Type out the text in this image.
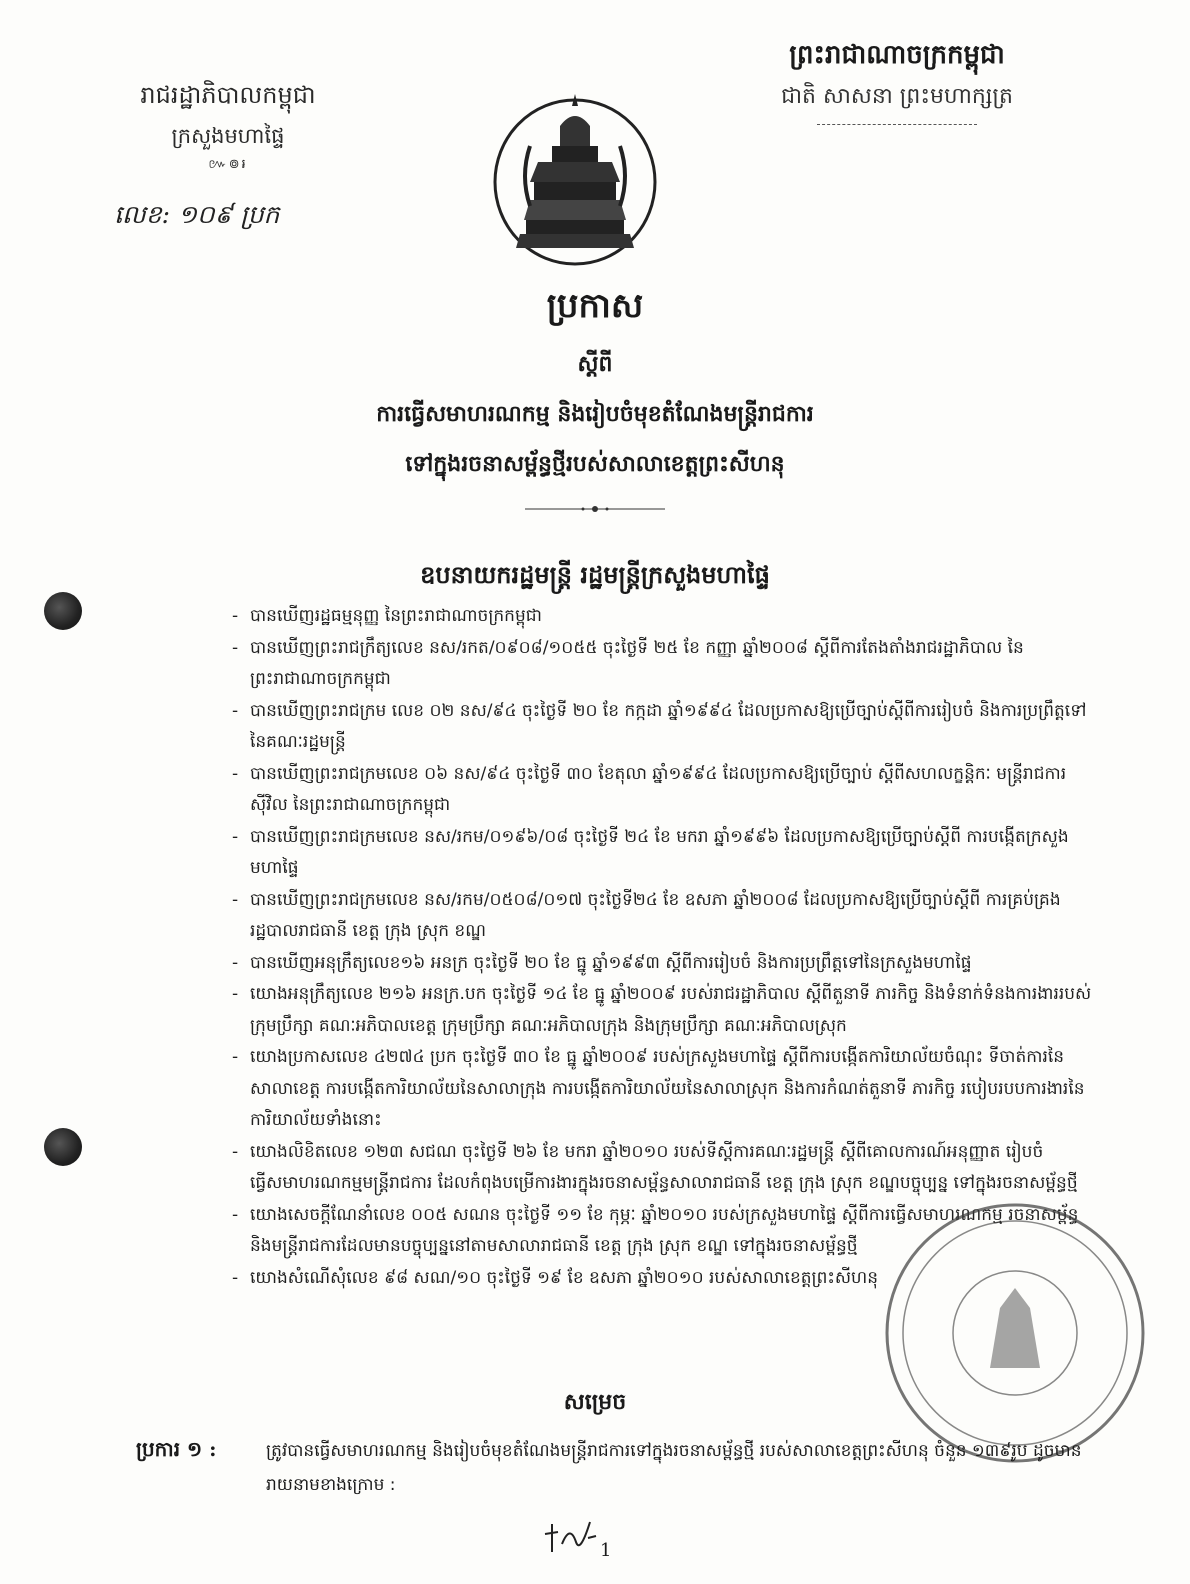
រាជរដ្ឋាភិបាលកម្ពុជា
ក្រសួងមហាផ្ទៃ
៚៙៛
លេខ: ១០៩ ប្រក
ព្រះរាជាណាចក្រកម្ពុជា
ជាតិ សាសនា ព្រះមហាក្សត្រ
ប្រកាស
ស្តីពី
ការធ្វើសមាហរណកម្ម និងរៀបចំមុខតំណែងមន្ត្រីរាជការ
ទៅក្នុងរចនាសម្ព័ន្ធថ្មីរបស់សាលាខេត្តព្រះសីហនុ
ឧបនាយករដ្ឋមន្ត្រី រដ្ឋមន្ត្រីក្រសួងមហាផ្ទៃ
- បានឃើញរដ្ឋធម្មនុញ្ញ នៃព្រះរាជាណាចក្រកម្ពុជា
- បានឃើញព្រះរាជក្រឹត្យលេខ នស/រកត/០៩០៨/១០៥៥ ចុះថ្ងៃទី ២៥ ខែ កញ្ញា ឆ្នាំ២០០៨ ស្តីពីការតែងតាំងរាជរដ្ឋាភិបាល នៃព្រះរាជាណាចក្រកម្ពុជា
- បានឃើញព្រះរាជក្រម លេខ ០២ នស/៩៤ ចុះថ្ងៃទី ២០ ខែ កក្កដា ឆ្នាំ១៩៩៤ ដែលប្រកាសឱ្យប្រើច្បាប់ស្តីពីការរៀបចំ និងការប្រព្រឹត្តទៅ នៃគណៈរដ្ឋមន្ត្រី
- បានឃើញព្រះរាជក្រមលេខ ០៦ នស/៩៤ ចុះថ្ងៃទី ៣០ ខែតុលា ឆ្នាំ១៩៩៤ ដែលប្រកាសឱ្យប្រើច្បាប់ ស្តីពីសហលក្ខន្តិកៈ មន្ត្រីរាជការស៊ីវិល នៃព្រះរាជាណាចក្រកម្ពុជា
- បានឃើញព្រះរាជក្រមលេខ នស/រកម/០១៩៦/០៨ ចុះថ្ងៃទី ២៤ ខែ មករា ឆ្នាំ១៩៩៦ ដែលប្រកាសឱ្យប្រើច្បាប់ស្តីពី ការបង្កើតក្រសួងមហាផ្ទៃ
- បានឃើញព្រះរាជក្រមលេខ នស/រកម/០៥០៨/០១៧ ចុះថ្ងៃទី២៤ ខែ ឧសភា ឆ្នាំ២០០៨ ដែលប្រកាសឱ្យប្រើច្បាប់ស្តីពី ការគ្រប់គ្រងរដ្ឋបាលរាជធានី ខេត្ត ក្រុង ស្រុក ខណ្ឌ
- បានឃើញអនុក្រឹត្យលេខ១៦ អនក្រ ចុះថ្ងៃទី ២០ ខែ ធ្នូ ឆ្នាំ១៩៩៣ ស្តីពីការរៀបចំ និងការប្រព្រឹត្តទៅនៃក្រសួងមហាផ្ទៃ
- យោងអនុក្រឹត្យលេខ ២១៦ អនក្រ.បក ចុះថ្ងៃទី ១៤ ខែ ធ្នូ ឆ្នាំ២០០៩ របស់រាជរដ្ឋាភិបាល ស្តីពីតួនាទី ភារកិច្ច និងទំនាក់ទំនងការងាររបស់ក្រុមប្រឹក្សា គណៈអភិបាលខេត្ត ក្រុមប្រឹក្សា គណៈអភិបាលក្រុង និងក្រុមប្រឹក្សា គណៈអភិបាលស្រុក
- យោងប្រកាសលេខ ៤២៧៤ ប្រក ចុះថ្ងៃទី ៣០ ខែ ធ្នូ ឆ្នាំ២០០៩ របស់ក្រសួងមហាផ្ទៃ ស្តីពីការបង្កើតការិយាល័យចំណុះ ទីចាត់ការនៃសាលាខេត្ត ការបង្កើតការិយាល័យនៃសាលាក្រុង ការបង្កើតការិយាល័យនៃសាលាស្រុក និងការកំណត់តួនាទី ភារកិច្ច របៀបរបបការងារនៃការិយាល័យទាំងនោះ
- យោងលិខិតលេខ ១២៣ សជណ ចុះថ្ងៃទី ២៦ ខែ មករា ឆ្នាំ២០១០ របស់ទីស្តីការគណៈរដ្ឋមន្ត្រី ស្តីពីគោលការណ៍អនុញ្ញាត រៀបចំធ្វើសមាហរណកម្មមន្ត្រីរាជការ ដែលកំពុងបម្រើការងារក្នុងរចនាសម្ព័ន្ធសាលារាជធានី ខេត្ត ក្រុង ស្រុក ខណ្ឌបច្ចុប្បន្ន ទៅក្នុងរចនាសម្ព័ន្ធថ្មី
- យោងសេចក្តីណែនាំលេខ ០០៥ សណន ចុះថ្ងៃទី ១១ ខែ កុម្ភៈ ឆ្នាំ២០១០ របស់ក្រសួងមហាផ្ទៃ ស្តីពីការធ្វើសមាហរណកម្ម រចនាសម្ព័ន្ធ និងមន្ត្រីរាជការដែលមានបច្ចុប្បន្ននៅតាមសាលារាជធានី ខេត្ត ក្រុង ស្រុក ខណ្ឌ ទៅក្នុងរចនាសម្ព័ន្ធថ្មី
- យោងសំណើសុំលេខ ៩៨ សណ/១០ ចុះថ្ងៃទី ១៩ ខែ ឧសភា ឆ្នាំ២០១០ របស់សាលាខេត្តព្រះសីហនុ
សម្រេច
ប្រការ ១ :	ត្រូវបានធ្វើសមាហរណកម្ម និងរៀបចំមុខតំណែងមន្ត្រីរាជការទៅក្នុងរចនាសម្ព័ន្ធថ្មី របស់សាលាខេត្តព្រះសីហនុ ចំនួន ១៣៩រូប ដូចមានរាយនាមខាងក្រោម :
1
